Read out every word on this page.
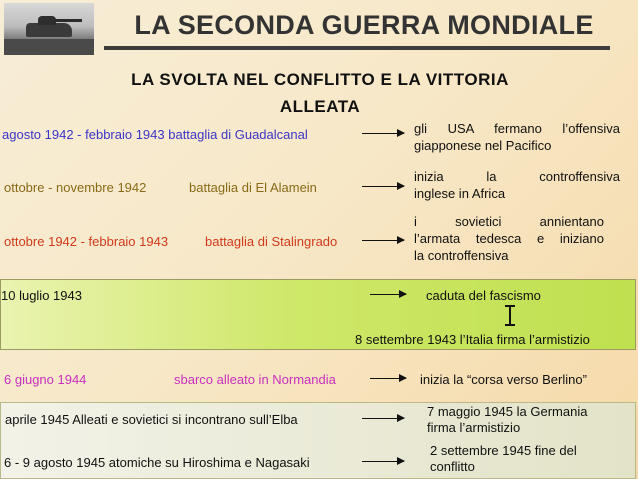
LA SECONDA GUERRA MONDIALE
LA SVOLTA NEL CONFLITTO E LA VITTORIA
ALLEATA
agosto 1942 - febbraio 1943 battaglia di Guadalcanal	gli USA fermano l’offensiva
giapponese nel Pacifico
ottobre - novembre 1942	battaglia di El Alamein
inizia la controffensiva
inglese in Africa
ottobre 1942 - febbraio 1943	battaglia di Stalingrado
i sovietici annientano
l’armata tedesca e iniziano
la controffensiva
10 luglio 1943	caduta del fascismo
8 settembre 1943 l’Italia firma l’armistizio
6 giugno 1944	sbarco alleato in Normandia	inizia la “corsa verso Berlino”
aprile 1945 Alleati e sovietici si incontrano sull’Elba
7 maggio 1945 la Germania
firma l’armistizio
6 - 9 agosto 1945 atomiche su Hiroshima e Nagasaki
2 settembre 1945 fine del
conflitto
